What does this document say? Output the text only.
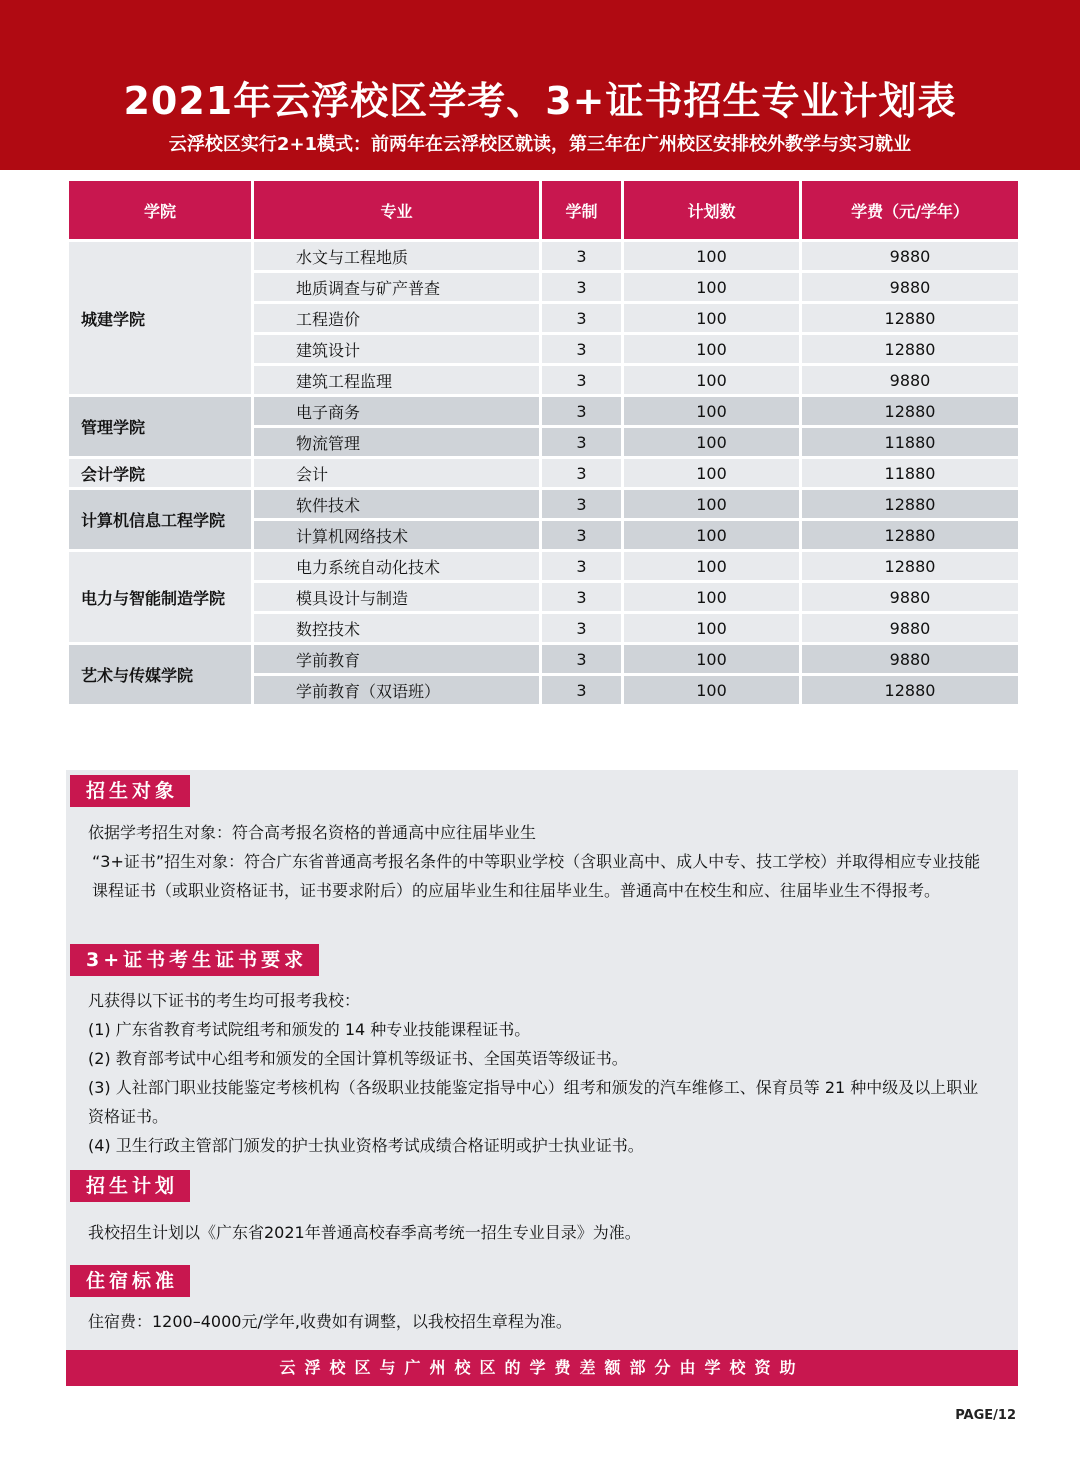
2021年云浮校区学考、3+证书招生专业计划表
云浮校区实行2+1模式：前两年在云浮校区就读，第三年在广州校区安排校外教学与实习就业
学院	专业	学制	计划数	学费（元/学年）
城建学院	水文与工程地质	3	100	9880
	地质调查与矿产普查	3	100	9880
	工程造价	3	100	12880
	建筑设计	3	100	12880
	建筑工程监理	3	100	9880
管理学院	电子商务	3	100	12880
	物流管理	3	100	11880
会计学院	会计	3	100	11880
计算机信息工程学院	软件技术	3	100	12880
	计算机网络技术	3	100	12880
电力与智能制造学院	电力系统自动化技术	3	100	12880
	模具设计与制造	3	100	9880
	数控技术	3	100	9880
艺术与传媒学院	学前教育	3	100	9880
	学前教育（双语班）	3	100	12880
招生对象

依据学考招生对象：符合高考报名资格的普通高中应往届毕业生

“3+证书”招生对象：符合广东省普通高考报名条件的中等职业学校（含职业高中、成人中专、技工学校）并取得相应专业技能课程证书（或职业资格证书，证书要求附后）的应届毕业生和往届毕业生。普通高中在校生和应、往届毕业生不得报考。

3+证书考生证书要求

凡获得以下证书的考生均可报考我校：

(1) 广东省教育考试院组考和颁发的 14 种专业技能课程证书。

(2) 教育部考试中心组考和颁发的全国计算机等级证书、全国英语等级证书。

(3) 人社部门职业技能鉴定考核机构（各级职业技能鉴定指导中心）组考和颁发的汽车维修工、保育员等 21 种中级及以上职业资格证书。

(4) 卫生行政主管部门颁发的护士执业资格考试成绩合格证明或护士执业证书。

招生计划

我校招生计划以《广东省2021年普通高校春季高考统一招生专业目录》为准。

住宿标准

住宿费：1200–4000元/学年,收费如有调整，以我校招生章程为准。

云浮校区与广州校区的学费差额部分由学校资助
PAGE/12
